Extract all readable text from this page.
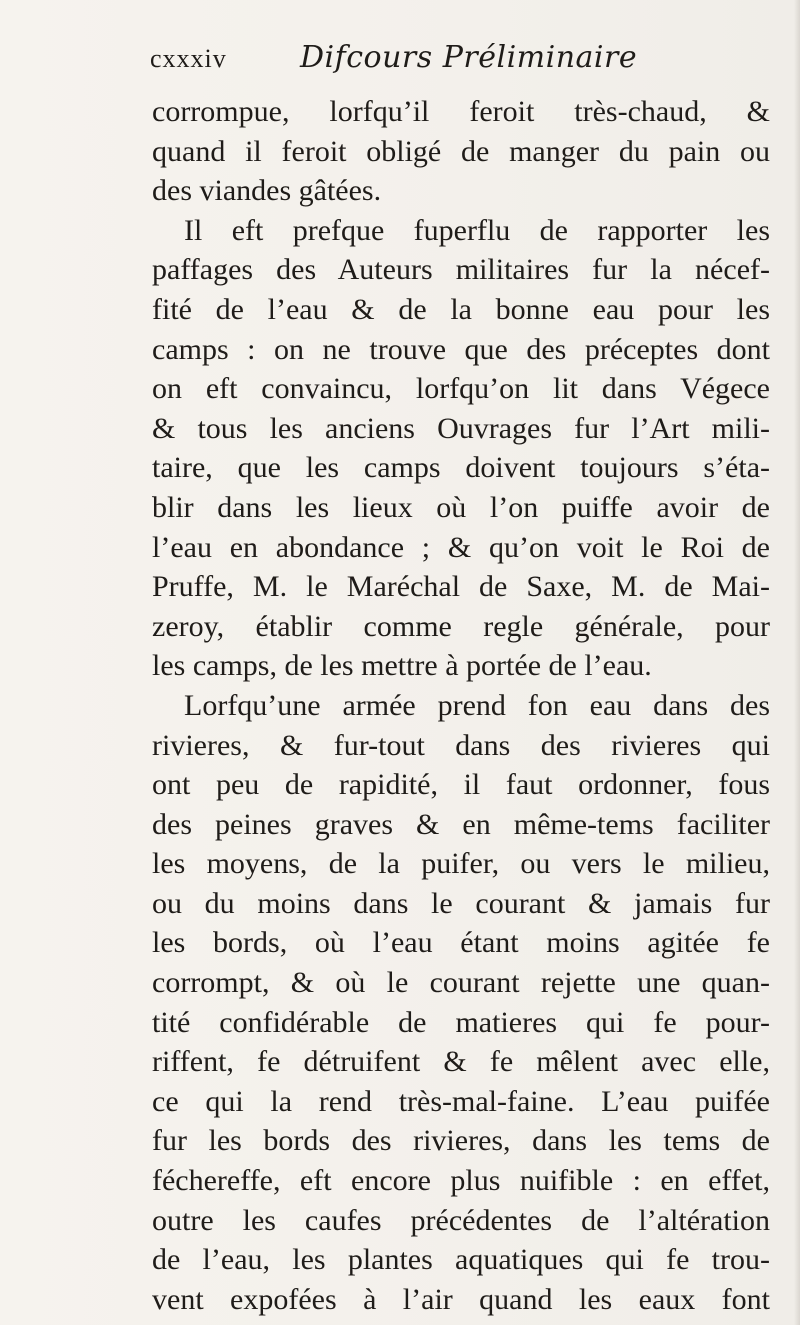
cxxxiv Difcours Préliminaire
corrompue, lorfqu’il feroit très-chaud, &
quand il feroit obligé de manger du pain ou
des viandes gâtées.
Il eft prefque fuperflu de rapporter les
paffages des Auteurs militaires fur la nécef-
fité de l’eau & de la bonne eau pour les
camps : on ne trouve que des préceptes dont
on eft convaincu, lorfqu’on lit dans Végece
& tous les anciens Ouvrages fur l’Art mili-
taire, que les camps doivent toujours s’éta-
blir dans les lieux où l’on puiffe avoir de
l’eau en abondance ; & qu’on voit le Roi de
Pruffe, M. le Maréchal de Saxe, M. de Mai-
zeroy, établir comme regle générale, pour
les camps, de les mettre à portée de l’eau.
Lorfqu’une armée prend fon eau dans des
rivieres, & fur-tout dans des rivieres qui
ont peu de rapidité, il faut ordonner, fous
des peines graves & en même-tems faciliter
les moyens, de la puifer, ou vers le milieu,
ou du moins dans le courant & jamais fur
les bords, où l’eau étant moins agitée fe
corrompt, & où le courant rejette une quan-
tité confidérable de matieres qui fe pour-
riffent, fe détruifent & fe mêlent avec elle,
ce qui la rend très-mal-faine. L’eau puifée
fur les bords des rivieres, dans les tems de
féchereffe, eft encore plus nuifible : en effet,
outre les caufes précédentes de l’altération
de l’eau, les plantes aquatiques qui fe trou-
vent expofées à l’air quand les eaux font
